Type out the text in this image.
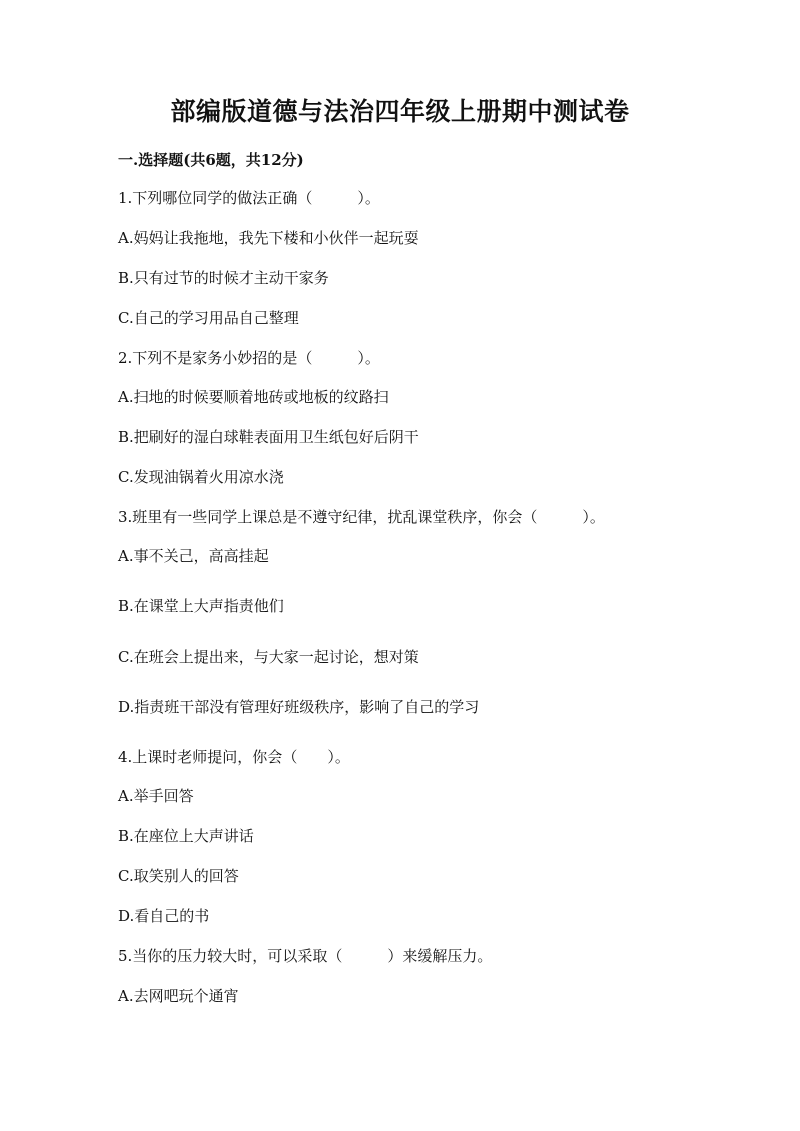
部编版道德与法治四年级上册期中测试卷
一.选择题(共6题，共12分)
1.下列哪位同学的做法正确（　　　）。
A.妈妈让我拖地，我先下楼和小伙伴一起玩耍
B.只有过节的时候才主动干家务
C.自己的学习用品自己整理
2.下列不是家务小妙招的是（　　　）。
A.扫地的时候要顺着地砖或地板的纹路扫
B.把刷好的湿白球鞋表面用卫生纸包好后阴干
C.发现油锅着火用凉水浇
3.班里有一些同学上课总是不遵守纪律，扰乱课堂秩序，你会（　　　）。
A.事不关己，高高挂起
B.在课堂上大声指责他们
C.在班会上提出来，与大家一起讨论，想对策
D.指责班干部没有管理好班级秩序，影响了自己的学习
4.上课时老师提问，你会（　　）。
A.举手回答
B.在座位上大声讲话
C.取笑别人的回答
D.看自己的书
5.当你的压力较大时，可以采取（　　　）来缓解压力。
A.去网吧玩个通宵
